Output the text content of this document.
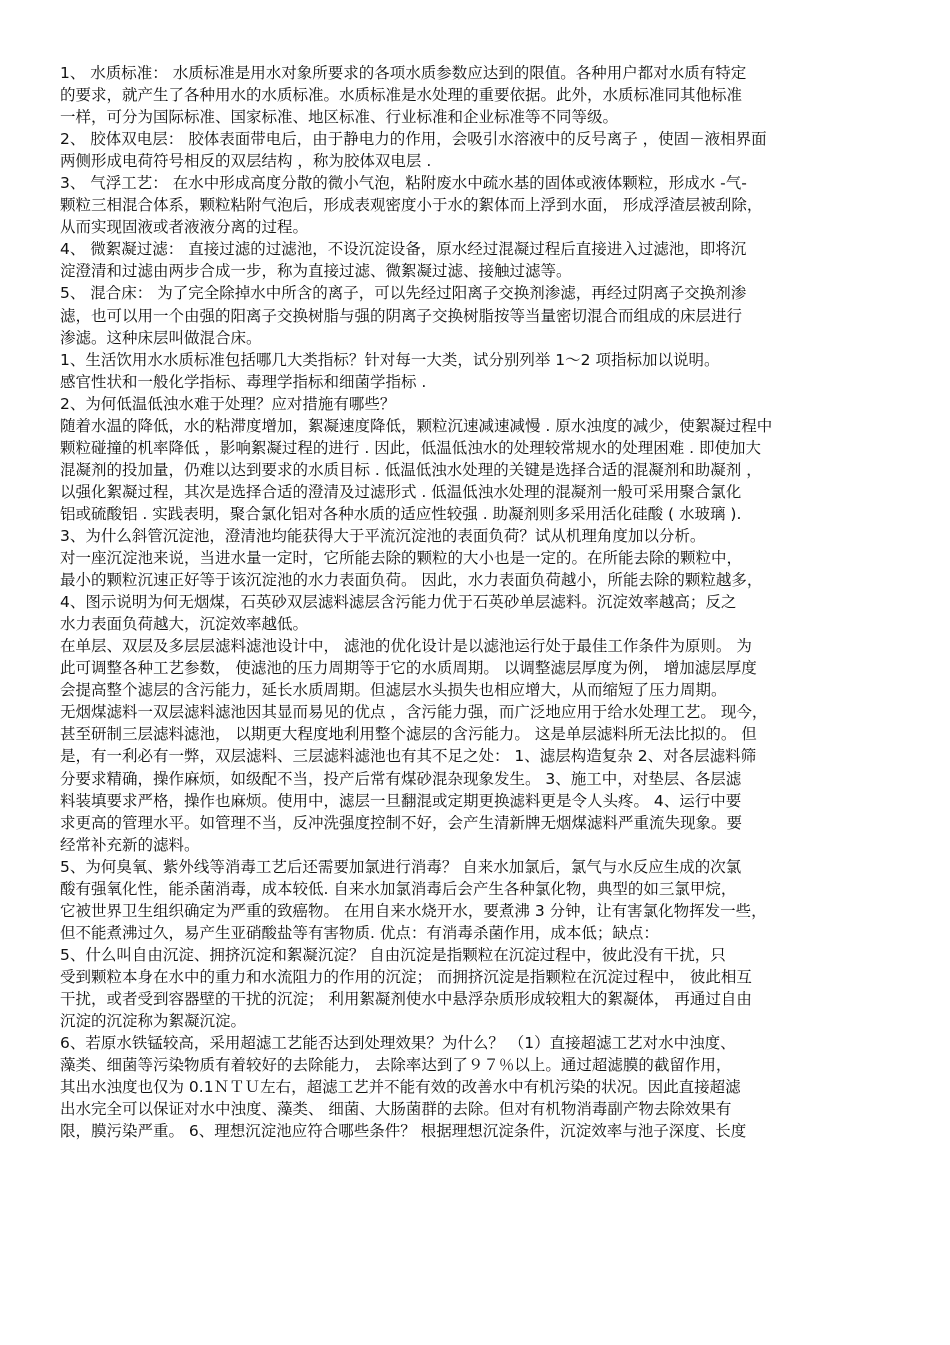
1、 水质标准： 水质标准是用水对象所要求的各项水质参数应达到的限值。各种用户都对水质有特定
的要求，就产生了各种用水的水质标准。水质标准是水处理的重要依据。此外，水质标准同其他标准
一样，可分为国际标准、国家标准、地区标准、行业标准和企业标准等不同等级。
2、 胶体双电层： 胶体表面带电后，由于静电力的作用，会吸引水溶液中的反号离子 ，使固－液相界面
两侧形成电荷符号相反的双层结构 ，称为胶体双电层 .
3、 气浮工艺： 在水中形成高度分散的微小气泡，粘附废水中疏水基的固体或液体颗粒，形成水 -气-
颗粒三相混合体系，颗粒粘附气泡后，形成表观密度小于水的絮体而上浮到水面， 形成浮渣层被刮除，
从而实现固液或者液液分离的过程。
4、 微絮凝过滤： 直接过滤的过滤池，不设沉淀设备，原水经过混凝过程后直接进入过滤池，即将沉
淀澄清和过滤由两步合成一步，称为直接过滤、微絮凝过滤、接触过滤等。
5、 混合床： 为了完全除掉水中所含的离子，可以先经过阳离子交换剂渗滤，再经过阴离子交换剂渗
滤，也可以用一个由强的阳离子交换树脂与强的阴离子交换树脂按等当量密切混合而组成的床层进行
渗滤。这种床层叫做混合床。
1、生活饮用水水质标准包括哪几大类指标？针对每一大类，试分别列举 1～2 项指标加以说明。
感官性状和一般化学指标、毒理学指标和细菌学指标 .
2、为何低温低浊水难于处理？应对措施有哪些？
随着水温的降低，水的粘滞度增加，絮凝速度降低，颗粒沉速减速减慢 . 原水浊度的减少，使絮凝过程中
颗粒碰撞的机率降低 ，影响絮凝过程的进行 . 因此，低温低浊水的处理较常规水的处理困难 . 即使加大
混凝剂的投加量，仍难以达到要求的水质目标 . 低温低浊水处理的关键是选择合适的混凝剂和助凝剂 ，
以强化絮凝过程，其次是选择合适的澄清及过滤形式 . 低温低浊水处理的混凝剂一般可采用聚合氯化
铝或硫酸铝 . 实践表明，聚合氯化铝对各种水质的适应性较强 . 助凝剂则多采用活化硅酸 ( 水玻璃 ).
3、为什么斜管沉淀池，澄清池均能获得大于平流沉淀池的表面负荷？试从机理角度加以分析。
对一座沉淀池来说，当进水量一定时，它所能去除的颗粒的大小也是一定的。在所能去除的颗粒中，
最小的颗粒沉速正好等于该沉淀池的水力表面负荷。 因此，水力表面负荷越小，所能去除的颗粒越多，
4、图示说明为何无烟煤，石英砂双层滤料滤层含污能力优于石英砂单层滤料。沉淀效率越高；反之
水力表面负荷越大，沉淀效率越低。
在单层、双层及多层层滤料滤池设计中， 滤池的优化设计是以滤池运行处于最佳工作条件为原则。 为
此可调整各种工艺参数， 使滤池的压力周期等于它的水质周期。 以调整滤层厚度为例， 增加滤层厚度
会提高整个滤层的含污能力，延长水质周期。但滤层水头损失也相应增大，从而缩短了压力周期。
无烟煤滤料一双层滤料滤池因其显而易见的优点 ，含污能力强，而广泛地应用于给水处理工艺。 现今，
甚至研制三层滤料滤池， 以期更大程度地利用整个滤层的含污能力。 这是单层滤料所无法比拟的。 但
是，有一利必有一弊，双层滤料、三层滤料滤池也有其不足之处： 1、滤层构造复杂 2、对各层滤料筛
分要求精确，操作麻烦，如级配不当，投产后常有煤砂混杂现象发生。 3、施工中，对垫层、各层滤
料装填要求严格，操作也麻烦。使用中，滤层一旦翻混或定期更换滤料更是令人头疼。 4、运行中要
求更高的管理水平。如管理不当，反冲洗强度控制不好，会产生清新牌无烟煤滤料严重流失现象。要
经常补充新的滤料。
5、为何臭氧、紫外线等消毒工艺后还需要加氯进行消毒？ 自来水加氯后，氯气与水反应生成的次氯
酸有强氧化性，能杀菌消毒，成本较低. 自来水加氯消毒后会产生各种氯化物，典型的如三氯甲烷，
它被世界卫生组织确定为严重的致癌物。 在用自来水烧开水，要煮沸 3 分钟，让有害氯化物挥发一些，
但不能煮沸过久，易产生亚硝酸盐等有害物质. 优点：有消毒杀菌作用，成本低；缺点：
5、什么叫自由沉淀、拥挤沉淀和絮凝沉淀？ 自由沉淀是指颗粒在沉淀过程中，彼此没有干扰，只
受到颗粒本身在水中的重力和水流阻力的作用的沉淀； 而拥挤沉淀是指颗粒在沉淀过程中， 彼此相互
干扰，或者受到容器壁的干扰的沉淀； 利用絮凝剂使水中悬浮杂质形成较粗大的絮凝体， 再通过自由
沉淀的沉淀称为絮凝沉淀。
6、若原水铁锰较高，采用超滤工艺能否达到处理效果？为什么？ （1）直接超滤工艺对水中浊度、
藻类、细菌等污染物质有着较好的去除能力， 去除率达到了９７％以上。通过超滤膜的截留作用，
其出水浊度也仅为 0.1ＮＴＵ左右，超滤工艺并不能有效的改善水中有机污染的状况。因此直接超滤
出水完全可以保证对水中浊度、藻类、 细菌、大肠菌群的去除。但对有机物消毒副产物去除效果有
限，膜污染严重。 6、理想沉淀池应符合哪些条件？ 根据理想沉淀条件，沉淀效率与池子深度、长度
